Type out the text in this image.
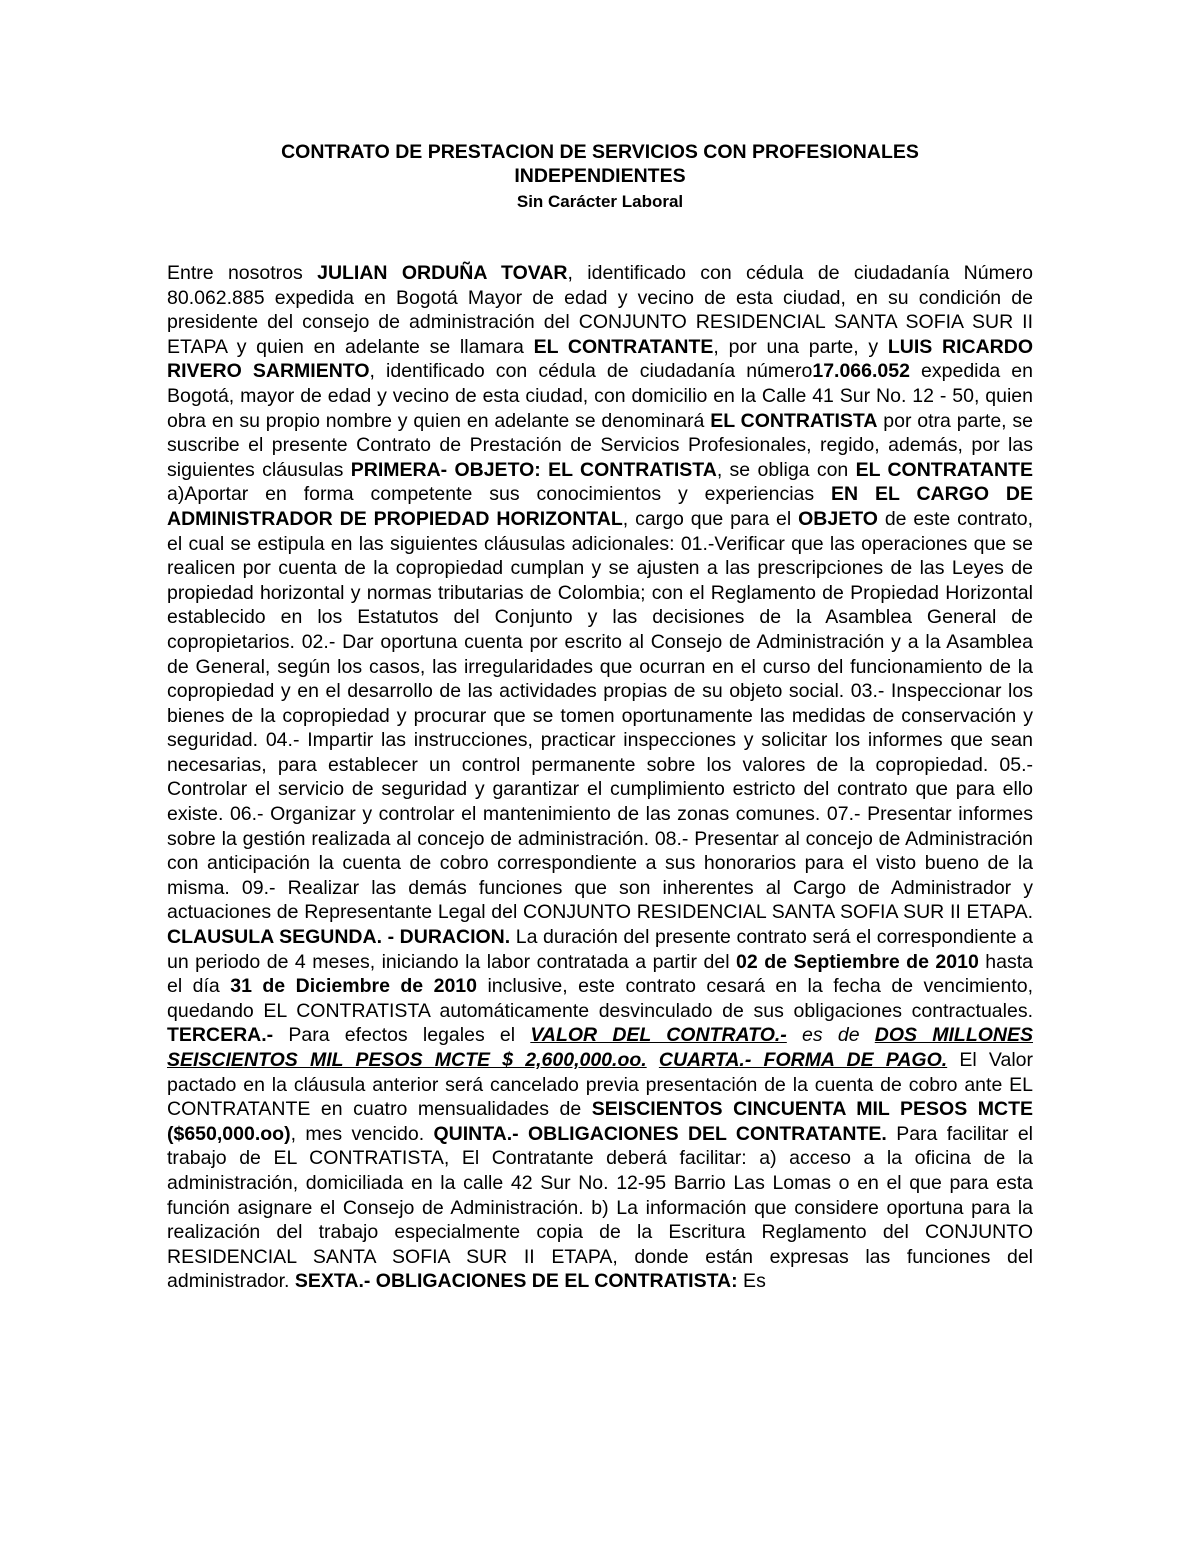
CONTRATO DE PRESTACION DE SERVICIOS CON PROFESIONALES
INDEPENDIENTES
Sin Carácter Laboral
Entre nosotros JULIAN ORDUÑA TOVAR, identificado con cédula de ciudadanía Número 80.062.885 expedida en Bogotá Mayor de edad y vecino de esta ciudad, en su condición de presidente del consejo de administración del CONJUNTO RESIDENCIAL SANTA SOFIA SUR II ETAPA y quien en adelante se llamara EL CONTRATANTE, por una parte, y LUIS RICARDO RIVERO SARMIENTO, identificado con cédula de ciudadanía número17.066.052 expedida en Bogotá, mayor de edad y vecino de esta ciudad, con domicilio en la Calle 41 Sur No. 12 - 50, quien obra en su propio nombre y quien en adelante se denominará EL CONTRATISTA por otra parte, se suscribe el presente Contrato de Prestación de Servicios Profesionales, regido, además, por las siguientes cláusulas PRIMERA- OBJETO: EL CONTRATISTA, se obliga con EL CONTRATANTE a)Aportar en forma competente sus conocimientos y experiencias EN EL CARGO DE ADMINISTRADOR DE PROPIEDAD HORIZONTAL, cargo que para el OBJETO de este contrato, el cual se estipula en las siguientes cláusulas adicionales: 01.-Verificar que las operaciones que se realicen por cuenta de la copropiedad cumplan y se ajusten a las prescripciones de las Leyes de propiedad horizontal y normas tributarias de Colombia; con el Reglamento de Propiedad Horizontal establecido en los Estatutos del Conjunto y las decisiones de la Asamblea General de copropietarios. 02.- Dar oportuna cuenta por escrito al Consejo de Administración y a la Asamblea de General, según los casos, las irregularidades que ocurran en el curso del funcionamiento de la copropiedad y en el desarrollo de las actividades propias de su objeto social. 03.- Inspeccionar los bienes de la copropiedad y procurar que se tomen oportunamente las medidas de conservación y seguridad. 04.- Impartir las instrucciones, practicar inspecciones y solicitar los informes que sean necesarias, para establecer un control permanente sobre los valores de la copropiedad. 05.- Controlar el servicio de seguridad y garantizar el cumplimiento estricto del contrato que para ello existe. 06.- Organizar y controlar el mantenimiento de las zonas comunes. 07.- Presentar informes sobre la gestión realizada al concejo de administración. 08.- Presentar al concejo de Administración con anticipación la cuenta de cobro correspondiente a sus honorarios para el visto bueno de la misma. 09.- Realizar las demás funciones que son inherentes al Cargo de Administrador y actuaciones de Representante Legal del CONJUNTO RESIDENCIAL SANTA SOFIA SUR II ETAPA. CLAUSULA SEGUNDA. - DURACION. La duración del presente contrato será el correspondiente a un periodo de 4 meses, iniciando la labor contratada a partir del 02 de Septiembre de 2010 hasta el día 31 de Diciembre de 2010 inclusive, este contrato cesará en la fecha de vencimiento, quedando EL CONTRATISTA automáticamente desvinculado de sus obligaciones contractuales. TERCERA.- Para efectos legales el VALOR DEL CONTRATO.- es de DOS MILLONES SEISCIENTOS MIL PESOS MCTE $ 2,600,000.oo. CUARTA.- FORMA DE PAGO. El Valor pactado en la cláusula anterior será cancelado previa presentación de la cuenta de cobro ante EL CONTRATANTE en cuatro mensualidades de SEISCIENTOS CINCUENTA MIL PESOS MCTE ($650,000.oo), mes vencido. QUINTA.- OBLIGACIONES DEL CONTRATANTE. Para facilitar el trabajo de EL CONTRATISTA, El Contratante deberá facilitar: a) acceso a la oficina de la administración, domiciliada en la calle 42 Sur No. 12-95 Barrio Las Lomas o en el que para esta función asignare el Consejo de Administración. b) La información que considere oportuna para la realización del trabajo especialmente copia de la Escritura Reglamento del CONJUNTO RESIDENCIAL SANTA SOFIA SUR II ETAPA, donde están expresas las funciones del administrador. SEXTA.- OBLIGACIONES DE EL CONTRATISTA: Es
